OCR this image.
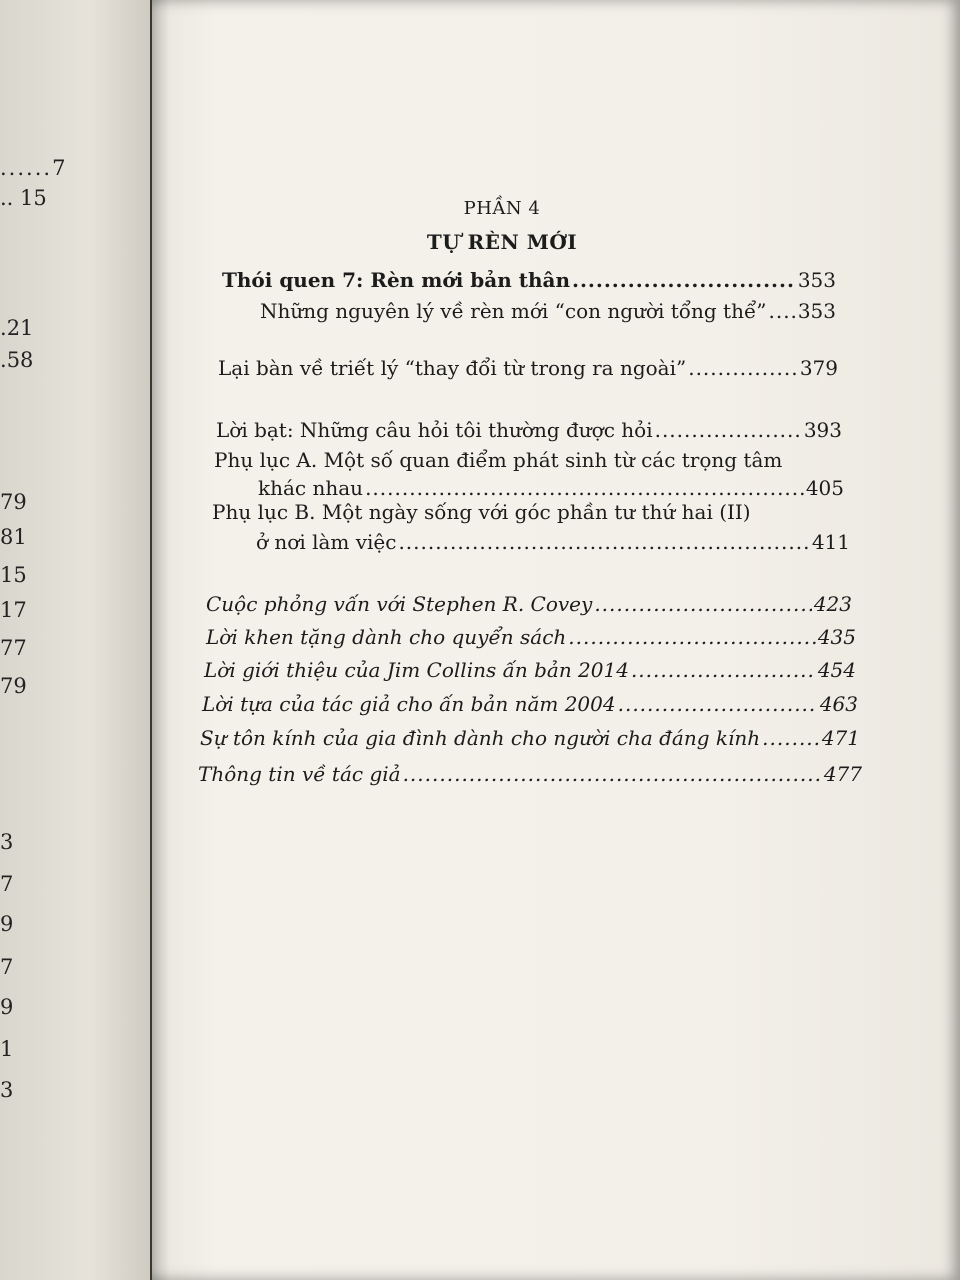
......7
.. 15
.21
.58
79
81
15
17
77
79
3
7
9
7
9
1
3

PHẦN 4
TỰ RÈN MỚI
Thói quen 7: Rèn mới bản thân .....	353
Những nguyên lý về rèn mới “con người tổng thể” ..... 353
Lại bàn về triết lý “thay đổi từ trong ra ngoài” .....	379
Lời bạt: Những câu hỏi tôi thường được hỏi .....	393
Phụ lục A. Một số quan điểm phát sinh từ các trọng tâm
khác nhau .....	405
Phụ lục B. Một ngày sống với góc phần tư thứ hai (II)
ở nơi làm việc .....	411
Cuộc phỏng vấn với Stephen R. Covey .....	423
Lời khen tặng dành cho quyển sách .....	435
Lời giới thiệu của Jim Collins ấn bản 2014 .....	454
Lời tựa của tác giả cho ấn bản năm 2004 .....	463
Sự tôn kính của gia đình dành cho người cha đáng kính .....	471
Thông tin về tác giả .....	477
